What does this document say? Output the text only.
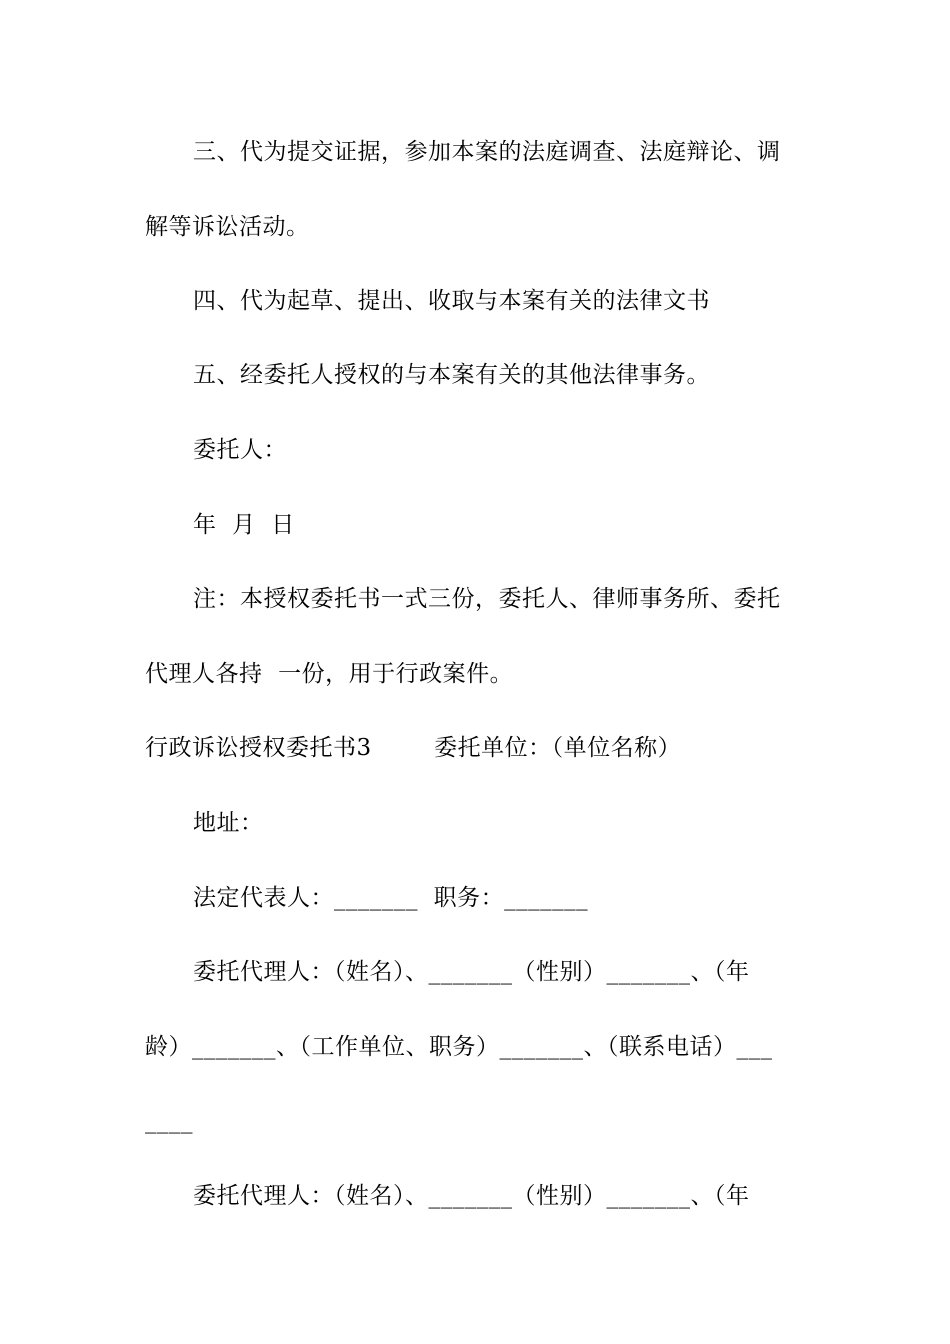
三、代为提交证据，参加本案的法庭调查、法庭辩论、调
解等诉讼活动。
四、代为起草、提出、收取与本案有关的法律文书
五、经委托人授权的与本案有关的其他法律事务。
委托人：
年  月  日
注：本授权委托书一式三份，委托人、律师事务所、委托
代理人各持  一份，用于行政案件。
行政诉讼授权委托书3        委托单位：（单位名称）
地址：
法定代表人：_______  职务：_______
委托代理人：（姓名）、_______（性别）_______、（年
龄）_______、（工作单位、职务）_______、（联系电话）___
____
委托代理人：（姓名）、_______（性别）_______、（年
